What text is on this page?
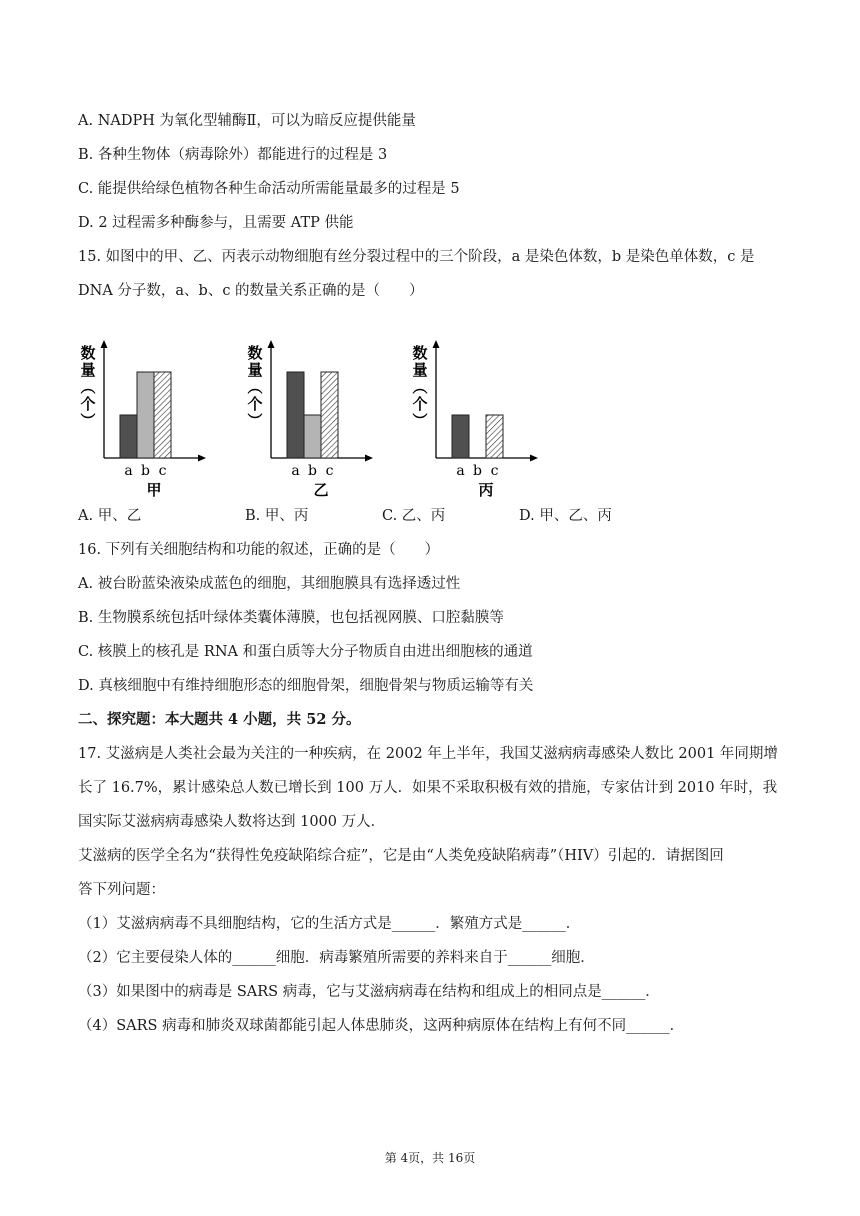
A. NADPH 为氧化型辅酶Ⅱ，可以为暗反应提供能量
B. 各种生物体（病毒除外）都能进行的过程是 3
C. 能提供给绿色植物各种生命活动所需能量最多的过程是 5
D. 2 过程需多种酶参与，且需要 ATP 供能
15. 如图中的甲、乙、丙表示动物细胞有丝分裂过程中的三个阶段，a 是染色体数，b 是染色单体数，c 是
DNA 分子数，a、b、c 的数量关系正确的是（　　）
数
量
︵
个
︶
a b c
甲
数
量
︵
个
︶
a b c
乙
数
量
︵
个
︶
a b c
丙
A. 甲、乙	B. 甲、丙	C. 乙、丙	D. 甲、乙、丙
16. 下列有关细胞结构和功能的叙述，正确的是（　　）
A. 被台盼蓝染液染成蓝色的细胞，其细胞膜具有选择透过性
B. 生物膜系统包括叶绿体类囊体薄膜，也包括视网膜、口腔黏膜等
C. 核膜上的核孔是 RNA 和蛋白质等大分子物质自由进出细胞核的通道
D. 真核细胞中有维持细胞形态的细胞骨架，细胞骨架与物质运输等有关
二、探究题：本大题共 4 小题，共 52 分。
17. 艾滋病是人类社会最为关注的一种疾病，在 2002 年上半年，我国艾滋病病毒感染人数比 2001 年同期增
长了 16.7%，累计感染总人数已增长到 100 万人．如果不采取积极有效的措施，专家估计到 2010 年时，我
国实际艾滋病病毒感染人数将达到 1000 万人．
艾滋病的医学全名为“获得性免疫缺陷综合症”，它是由“人类免疫缺陷病毒”（HIV）引起的．请据图回
答下列问题：
（1）艾滋病病毒不具细胞结构，它的生活方式是______．繁殖方式是______．
（2）它主要侵染人体的______细胞．病毒繁殖所需要的养料来自于______细胞．
（3）如果图中的病毒是 SARS 病毒，它与艾滋病病毒在结构和组成上的相同点是______．
（4）SARS 病毒和肺炎双球菌都能引起人体患肺炎，这两种病原体在结构上有何不同______．
第 4页，共 16页
